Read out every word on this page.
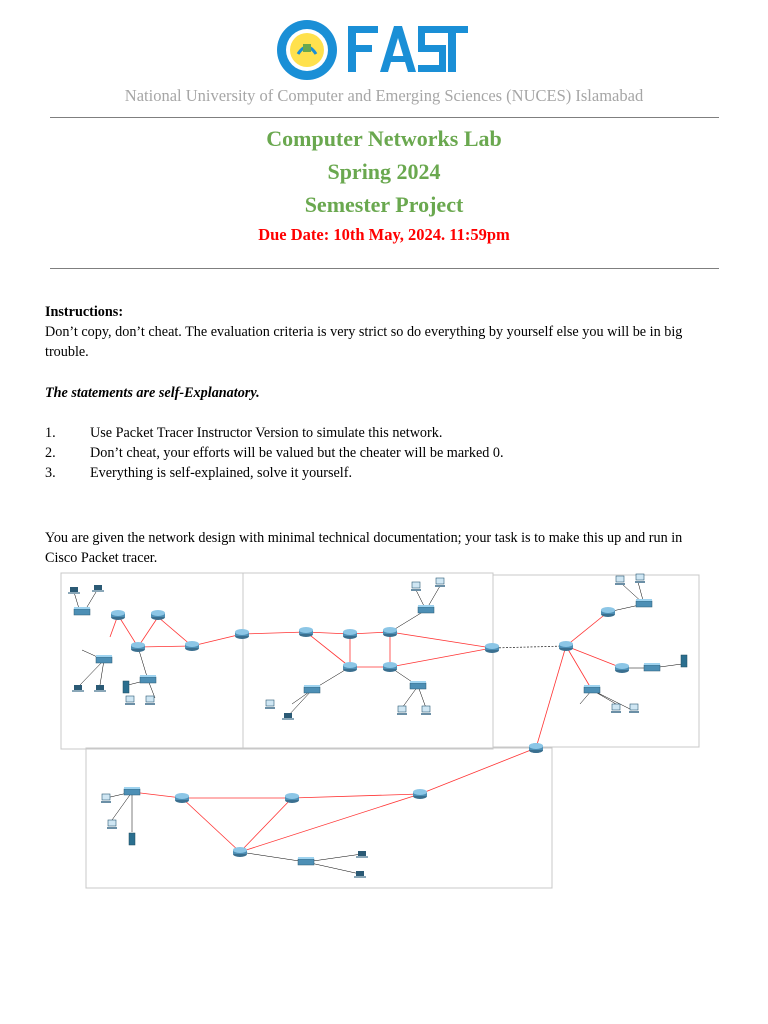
National University of Computer and Emerging Sciences (NUCES) Islamabad
Computer Networks Lab
Spring 2024
Semester Project
Due Date: 10th May, 2024. 11:59pm
Instructions:
Don’t copy, don’t cheat. The evaluation criteria is very strict so do everything by yourself else you will be in big
trouble.
The statements are self-Explanatory.
1. Use Packet Tracer Instructor Version to simulate this network.
2. Don’t cheat, your efforts will be valued but the cheater will be marked 0.
3. Everything is self-explained, solve it yourself.
You are given the network design with minimal technical documentation; your task is to make this up and run in
Cisco Packet tracer.
